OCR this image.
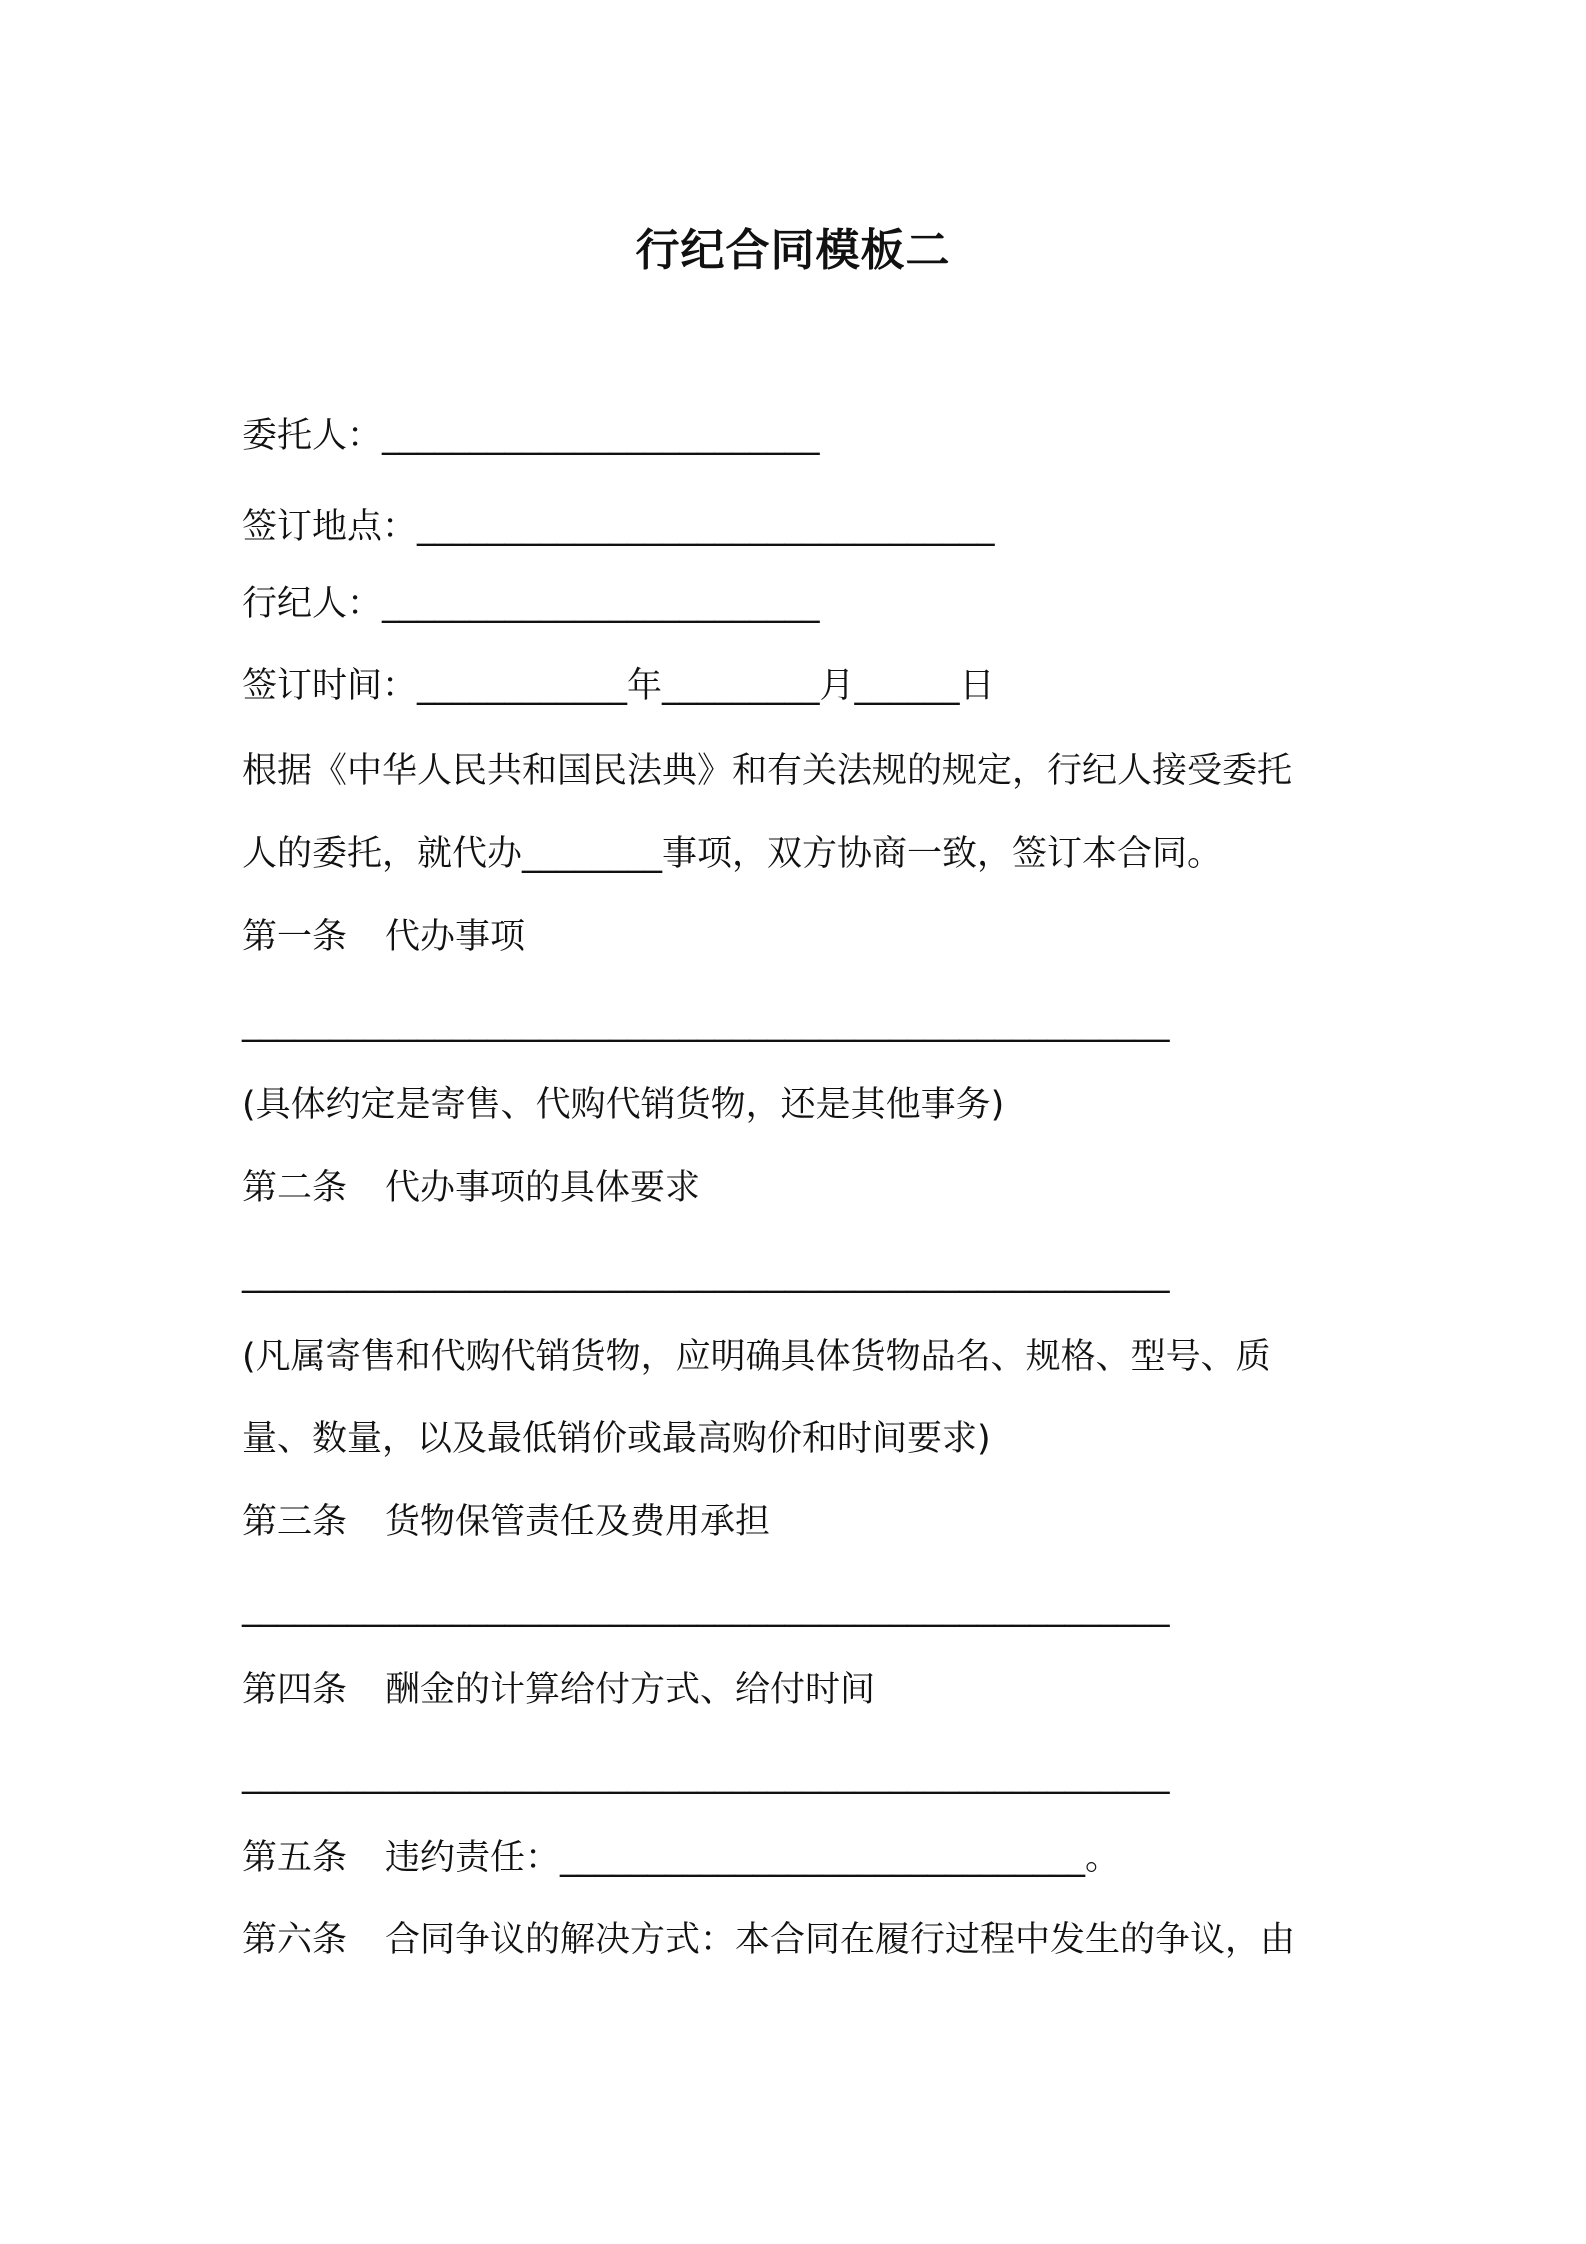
行纪合同模板二
委托人：_________________________
签订地点：_________________________________
行纪人：_________________________
签订时间：____________年_________月______日
根据《中华人民共和国民法典》和有关法规的规定，行纪人接受委托
人的委托，就代办________事项，双方协商一致，签订本合同。
第一条 代办事项
_____________________________________________________
(具体约定是寄售、代购代销货物，还是其他事务)
第二条 代办事项的具体要求
_____________________________________________________
(凡属寄售和代购代销货物，应明确具体货物品名、规格、型号、质
量、数量，以及最低销价或最高购价和时间要求)
第三条 货物保管责任及费用承担
_____________________________________________________
第四条 酬金的计算给付方式、给付时间
_____________________________________________________
第五条 违约责任：______________________________。
第六条 合同争议的解决方式：本合同在履行过程中发生的争议，由
